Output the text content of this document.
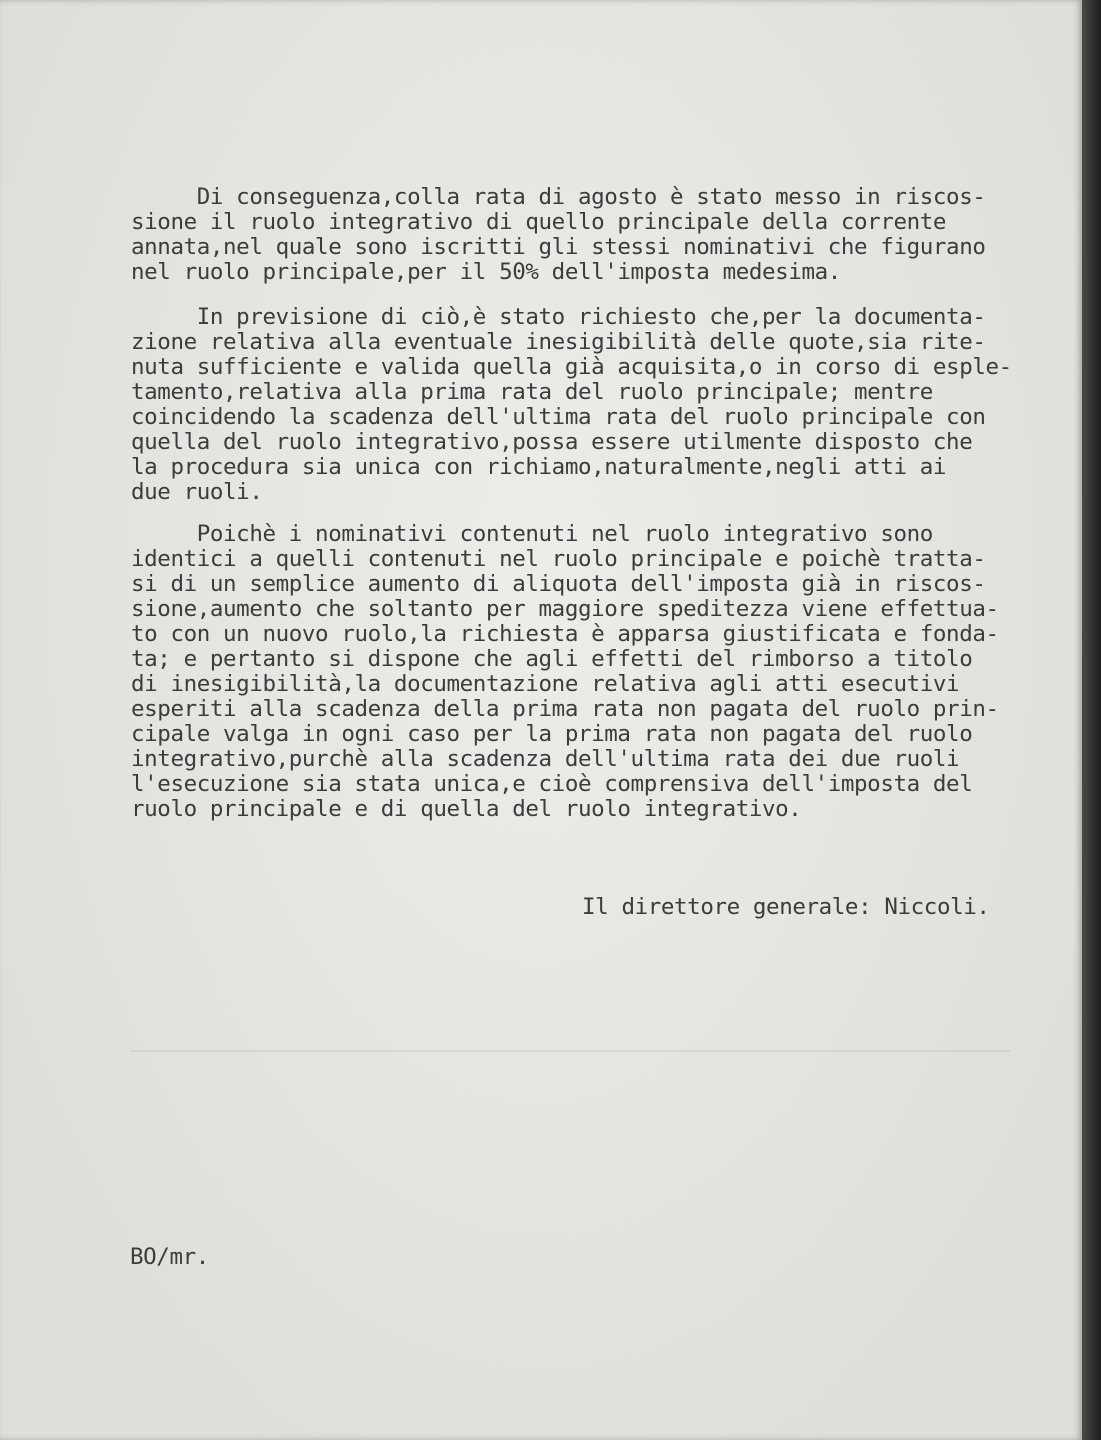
Di conseguenza,colla rata di agosto è stato messo in riscos-
sione il ruolo integrativo di quello principale della corrente
annata,nel quale sono iscritti gli stessi nominativi che figurano
nel ruolo principale,per il 50% dell'imposta medesima.

In previsione di ciò,è stato richiesto che,per la documenta-
zione relativa alla eventuale inesigibilità delle quote,sia rite-
nuta sufficiente e valida quella già acquisita,o in corso di esple-
tamento,relativa alla prima rata del ruolo principale; mentre
coincidendo la scadenza dell'ultima rata del ruolo principale con
quella del ruolo integrativo,possa essere utilmente disposto che
la procedura sia unica con richiamo,naturalmente,negli atti ai
due ruoli.

Poichè i nominativi contenuti nel ruolo integrativo sono
identici a quelli contenuti nel ruolo principale e poichè tratta-
si di un semplice aumento di aliquota dell'imposta già in riscos-
sione,aumento che soltanto per maggiore speditezza viene effettua-
to con un nuovo ruolo,la richiesta è apparsa giustificata e fonda-
ta; e pertanto si dispone che agli effetti del rimborso a titolo
di inesigibilità,la documentazione relativa agli atti esecutivi
esperiti alla scadenza della prima rata non pagata del ruolo prin-
cipale valga in ogni caso per la prima rata non pagata del ruolo
integrativo,purchè alla scadenza dell'ultima rata dei due ruoli
l'esecuzione sia stata unica,e cioè comprensiva dell'imposta del
ruolo principale e di quella del ruolo integrativo.
Il direttore generale: Niccoli.
BO/mr.
